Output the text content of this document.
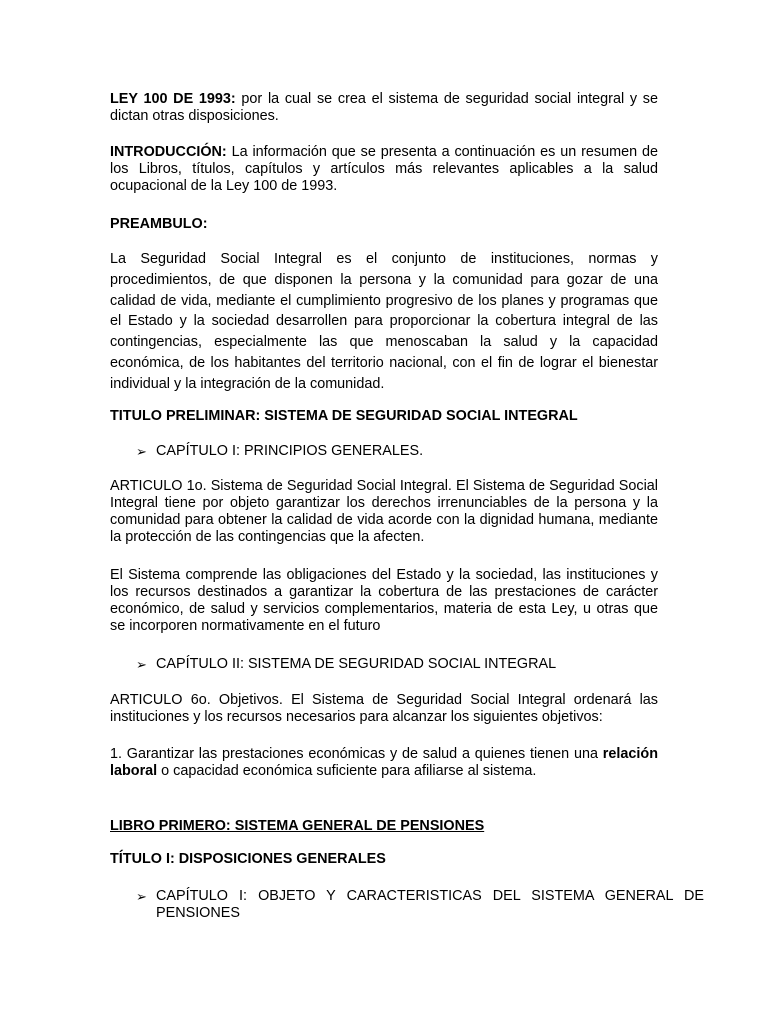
LEY 100 DE 1993: por la cual se crea el sistema de seguridad social integral y se dictan otras disposiciones.

INTRODUCCIÓN: La información que se presenta a continuación es un resumen de los Libros, títulos, capítulos y artículos más relevantes aplicables a la salud ocupacional de la Ley 100 de 1993.

PREAMBULO:

La Seguridad Social Integral es el conjunto de instituciones, normas y procedimientos, de que disponen la persona y la comunidad para gozar de una calidad de vida, mediante el cumplimiento progresivo de los planes y programas que el Estado y la sociedad desarrollen para proporcionar la cobertura integral de las contingencias, especialmente las que menoscaban la salud y la capacidad económica, de los habitantes del territorio nacional, con el fin de lograr el bienestar individual y la integración de la comunidad.

TITULO PRELIMINAR: SISTEMA DE SEGURIDAD SOCIAL INTEGRAL

➢ CAPÍTULO I: PRINCIPIOS GENERALES.

ARTICULO 1o. Sistema de Seguridad Social Integral. El Sistema de Seguridad Social Integral tiene por objeto garantizar los derechos irrenunciables de la persona y la comunidad para obtener la calidad de vida acorde con la dignidad humana, mediante la protección de las contingencias que la afecten.

El Sistema comprende las obligaciones del Estado y la sociedad, las instituciones y los recursos destinados a garantizar la cobertura de las prestaciones de carácter económico, de salud y servicios complementarios, materia de esta Ley, u otras que se incorporen normativamente en el futuro

➢ CAPÍTULO II: SISTEMA DE SEGURIDAD SOCIAL INTEGRAL

ARTICULO 6o. Objetivos. El Sistema de Seguridad Social Integral ordenará las instituciones y los recursos necesarios para alcanzar los siguientes objetivos:

1. Garantizar las prestaciones económicas y de salud a quienes tienen una relación laboral o capacidad económica suficiente para afiliarse al sistema.

LIBRO PRIMERO: SISTEMA GENERAL DE PENSIONES

TÍTULO I: DISPOSICIONES GENERALES

➢ CAPÍTULO I: OBJETO Y CARACTERISTICAS DEL SISTEMA GENERAL DE PENSIONES
